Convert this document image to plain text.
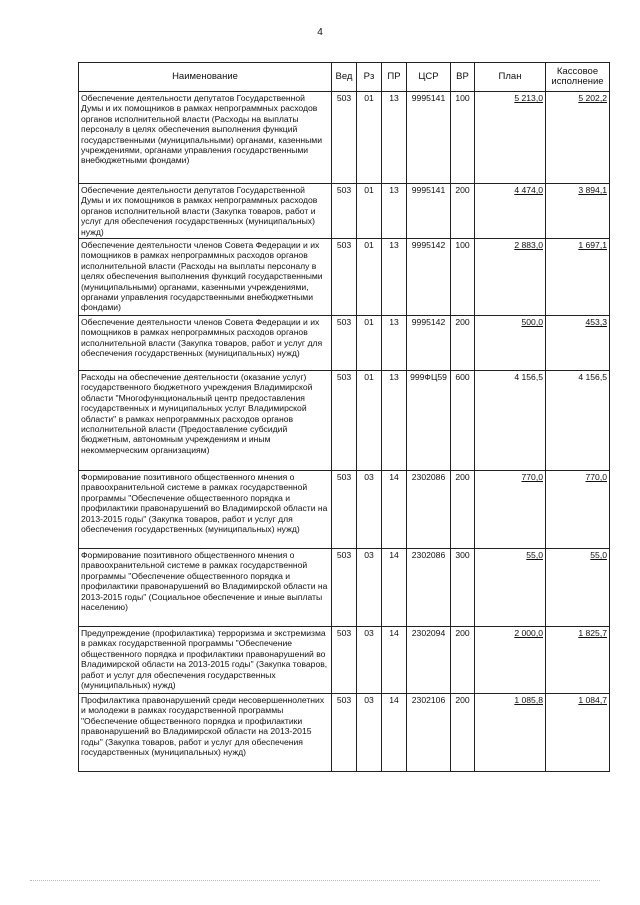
4
Наименование	Вед	Рз	ПР	ЦСР	ВР	План	Кассовое исполнение
Обеспечение деятельности депутатов Государственной Думы и их помощников в рамках непрограммных расходов органов исполнительной власти (Расходы на выплаты персоналу в целях обеспечения выполнения функций государственными (муниципальными) органами, казенными учреждениями, органами управления государственными внебюджетными фондами)	503	01	13	9995141	100	5 213,0	5 202,2
Обеспечение деятельности депутатов Государственной Думы и их помощников в рамках непрограммных расходов органов исполнительной власти (Закупка товаров, работ и услуг для обеспечения государственных (муниципальных) нужд)	503	01	13	9995141	200	4 474,0	3 894,1
Обеспечение деятельности членов Совета Федерации и их помощников в рамках непрограммных расходов органов исполнительной власти (Расходы на выплаты персоналу в целях обеспечения выполнения функций государственными (муниципальными) органами, казенными учреждениями, органами управления государственными внебюджетными фондами)	503	01	13	9995142	100	2 883,0	1 697,1
Обеспечение деятельности членов Совета Федерации и их помощников в рамках непрограммных расходов органов исполнительной власти (Закупка товаров, работ и услуг для обеспечения государственных (муниципальных) нужд)	503	01	13	9995142	200	500,0	453,3
Расходы на обеспечение деятельности (оказание услуг) государственного бюджетного учреждения Владимирской области "Многофункциональный центр предоставления государственных и муниципальных услуг Владимирской области" в рамках непрограммных расходов органов исполнительной власти (Предоставление субсидий бюджетным, автономным учреждениям и иным некоммерческим организациям)	503	01	13	999ФЦ59	600	4 156,5	4 156,5
Формирование позитивного общественного мнения о правоохранительной системе в рамках государственной программы "Обеспечение общественного порядка и профилактики правонарушений во Владимирской области на 2013-2015 годы" (Закупка товаров, работ и услуг для обеспечения государственных (муниципальных) нужд)	503	03	14	2302086	200	770,0	770,0
Формирование позитивного общественного мнения о правоохранительной системе в рамках государственной программы "Обеспечение общественного порядка и профилактики правонарушений во Владимирской области на 2013-2015 годы" (Социальное обеспечение и иные выплаты населению)	503	03	14	2302086	300	55,0	55,0
Предупреждение (профилактика) терроризма и экстремизма в рамках государственной программы "Обеспечение общественного порядка и профилактики правонарушений во Владимирской области на 2013-2015 годы" (Закупка товаров, работ и услуг для обеспечения государственных (муниципальных) нужд)	503	03	14	2302094	200	2 000,0	1 825,7
Профилактика правонарушений среди несовершеннолетних и молодежи в рамках государственной программы "Обеспечение общественного порядка и профилактики правонарушений во Владимирской области на 2013-2015 годы" (Закупка товаров, работ и услуг для обеспечения государственных (муниципальных) нужд)	503	03	14	2302106	200	1 085,8	1 084,7
